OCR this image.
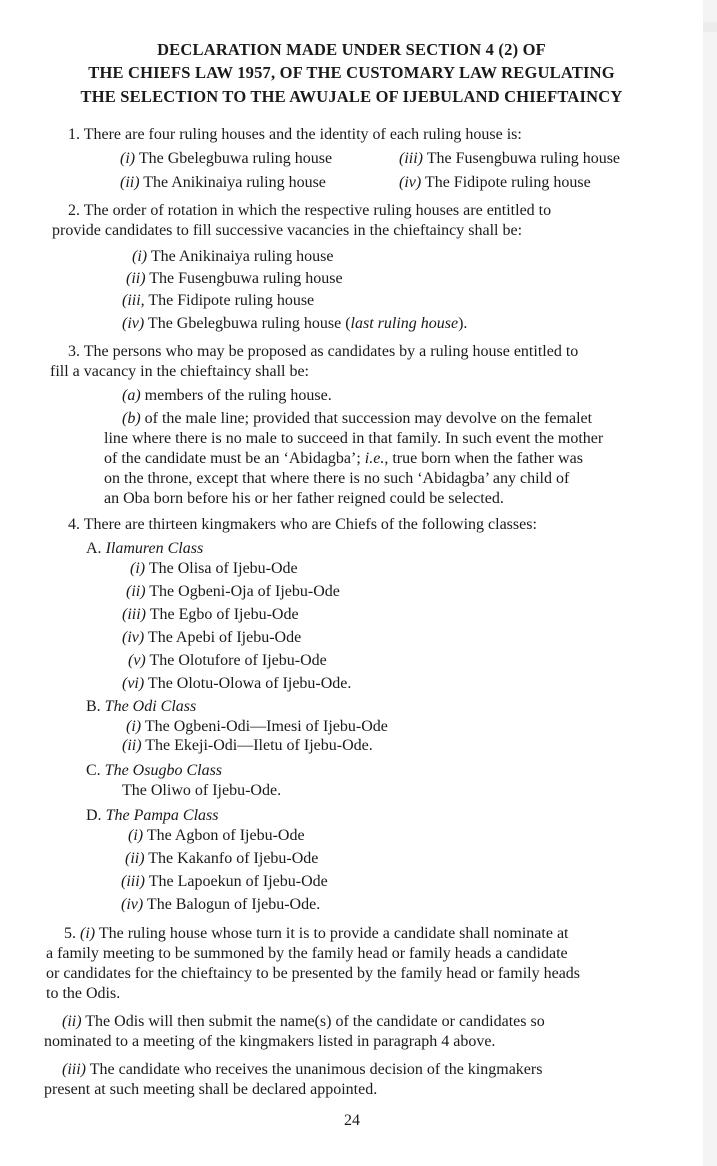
DECLARATION MADE UNDER SECTION 4 (2) OF
THE CHIEFS LAW 1957, OF THE CUSTOMARY LAW REGULATING
THE SELECTION TO THE AWUJALE OF IJEBULAND CHIEFTAINCY
1. There are four ruling houses and the identity of each ruling house is:
(i) The Gbelegbuwa ruling house	(iii) The Fusengbuwa ruling house
(ii) The Anikinaiya ruling house	(iv) The Fidipote ruling house
2. The order of rotation in which the respective ruling houses are entitled to
provide candidates to fill successive vacancies in the chieftaincy shall be:
(i) The Anikinaiya ruling house
(ii) The Fusengbuwa ruling house
(iii, The Fidipote ruling house
(iv) The Gbelegbuwa ruling house (last ruling house).
3. The persons who may be proposed as candidates by a ruling house entitled to
fill a vacancy in the chieftaincy shall be:
(a) members of the ruling house.
(b) of the male line; provided that succession may devolve on the femalet
line where there is no male to succeed in that family. In such event the mother
of the candidate must be an ‘Abidagba’; i.e., true born when the father was
on the throne, except that where there is no such ‘Abidagba’ any child of
an Oba born before his or her father reigned could be selected.
4. There are thirteen kingmakers who are Chiefs of the following classes:
A. Ilamuren Class
(i) The Olisa of Ijebu-Ode
(ii) The Ogbeni-Oja of Ijebu-Ode
(iii) The Egbo of Ijebu-Ode
(iv) The Apebi of Ijebu-Ode
(v) The Olotufore of Ijebu-Ode
(vi) The Olotu-Olowa of Ijebu-Ode.
B. The Odi Class
(i) The Ogbeni-Odi—Imesi of Ijebu-Ode
(ii) The Ekeji-Odi—Iletu of Ijebu-Ode.
C. The Osugbo Class
The Oliwo of Ijebu-Ode.
D. The Pampa Class
(i) The Agbon of Ijebu-Ode
(ii) The Kakanfo of Ijebu-Ode
(iii) The Lapoekun of Ijebu-Ode
(iv) The Balogun of Ijebu-Ode.
5. (i) The ruling house whose turn it is to provide a candidate shall nominate at
a family meeting to be summoned by the family head or family heads a candidate
or candidates for the chieftaincy to be presented by the family head or family heads
to the Odis.
(ii) The Odis will then submit the name(s) of the candidate or candidates so
nominated to a meeting of the kingmakers listed in paragraph 4 above.
(iii) The candidate who receives the unanimous decision of the kingmakers
present at such meeting shall be declared appointed.
24
